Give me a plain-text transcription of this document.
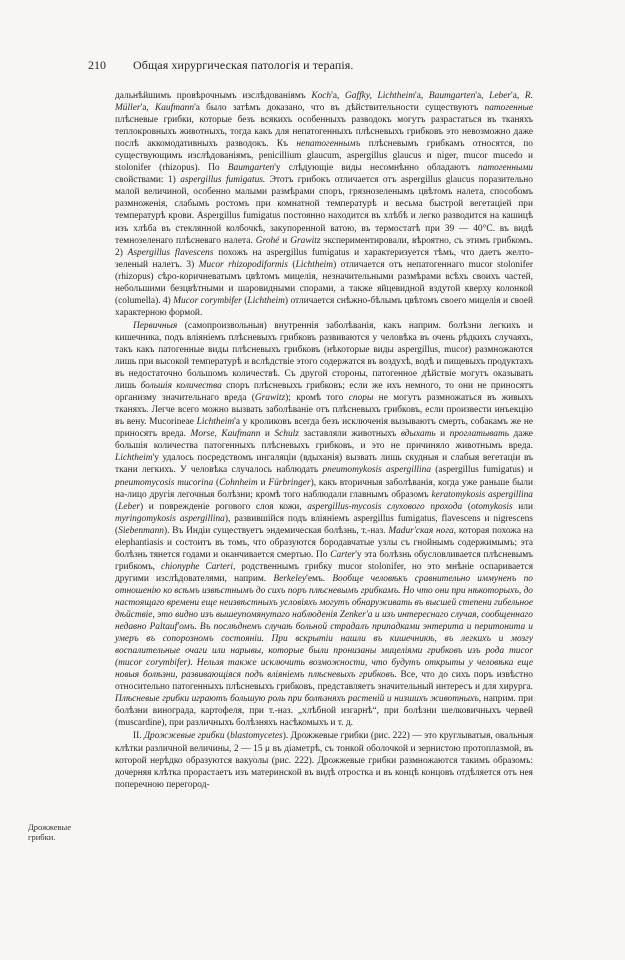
210 Общая хирургическая патологія и терапія.

дальнѣйшимъ провѣрочнымъ изслѣдованіямъ Koch'а, Gaffky, Lichtheim'а, Baumgarten'а, Leber'а, R. Müller'а, Kaufmann'а было затѣмъ доказано, что въ дѣйствительности существуютъ патогенные плѣсневые грибки, которые безъ всякихъ особенныхъ разводокъ могутъ разрастаться въ тканяхъ теплокровныхъ животныхъ, тогда какъ для непатогенныхъ плѣсневыхъ грибковъ это невозможно даже послѣ аккомодативныхъ разводокъ. Къ непатогеннымъ плѣсневымъ грибкамъ относятся, по существующимъ изслѣдованіямъ, penicillium glaucum, aspergillus glaucus и niger, mucor mucedo и stolonifer (rhizopus). По Baumgarten'у слѣдующіе виды несомнѣнно обладаютъ патогенными свойствами: 1) aspergillus fumigatus. Этотъ грибокъ отличается отъ aspergillus glaucus поразительно малой величиной, особенно малыми размѣрами споръ, грязнозеленымъ цвѣтомъ налета, способомъ размноженія, слабымъ ростомъ при комнатной температурѣ и весьма быстрой вегетаціей при температурѣ крови. Aspergillus fumigatus постоянно находится въ хлѣбѣ и легко разводится на кашицѣ изъ хлѣба въ стеклянной колбочкѣ, закупоренной ватою, въ термостатѣ при 39 — 40°С. въ видѣ темнозеленаго плѣсневаго налета. Grohé и Grawitz экспериментировали, вѣроятно, съ этимъ грибкомъ. 2) Aspergillus flavescens похожъ на aspergillus fumigatus и характеризуется тѣмъ, что даетъ желто-зеленый налетъ. 3) Mucor rhizopodiformis (Lichtheim) отличается отъ непатогеннаго mucor stolonifer (rhizopus) сѣро-коричневатымъ цвѣтомъ мицелія, незначительными размѣрами всѣхъ своихъ частей, небольшими безцвѣтными и шаровидными спорами, а также яйцевидной вздутой кверху колонкой (columella). 4) Mucor corymbifer (Lichtheim) отличается снѣжно-бѣлымъ цвѣтомъ своего мицелія и своей характерною формой.

Первичныя (самопроизвольныя) внутреннія заболѣванія, какъ наприм. болѣзни легкихъ и кишечника, подъ вліяніемъ плѣсневыхъ грибковъ развиваются у человѣка въ очень рѣдкихъ случаяхъ, такъ какъ патогенные виды плѣсневыхъ грибковъ (нѣкоторые виды aspergillus, mucor) размножаются лишь при высокой температурѣ и вслѣдствіе этого содержатся въ воздухѣ, водѣ и пищевыхъ продуктахъ въ недостаточно большомъ количествѣ. Съ другой стороны, патогенное дѣйствіе могутъ оказывать лишь большія количества споръ плѣсневыхъ грибковъ; если же ихъ немного, то они не приносятъ организму значительнаго вреда (Grawitz); кромѣ того споры не могутъ размножаться въ живыхъ тканяхъ. Легче всего можно вызвать заболѣваніе отъ плѣсневыхъ грибковъ, если произвести инъекцію въ вену. Mucorineae Lichtheim'а у кроликовъ всегда безъ исключенія вызываютъ смерть, собакамъ же не приносятъ вреда. Morse, Kaufmann и Schulz заставляли животныхъ вдыхать и проглатывать даже большія количества патогенныхъ плѣсневыхъ грибковъ, и это не причиняло животнымъ вреда. Lichtheim'у удалось посредствомъ ингаляціи (вдыханія) вызвать лишь скудныя и слабыя вегетаціи въ ткани легкихъ. У человѣка случалось наблюдать pneumomykosis aspergillina (aspergillus fumigatus) и pneumomycosis mucorina (Cohnheim и Fürbringer), какъ вторичныя заболѣванія, когда уже раньше были на-лицо другія легочныя болѣзни; кромѣ того наблюдали главнымъ образомъ keratomykosis aspergillina (Leber) и поврежденіе рогового слоя кожи, aspergillus-mycosis слухового прохода (otomykosis или myringomykosis aspergillina), развившійся подъ вліяніемъ aspergillus fumigatus, flavescens и nigrescens (Siebenmann). Въ Индіи существуетъ эндемическая болѣзнь, т.-наз. Madur'ская нога, которая похожа на elephantiasis и состоитъ въ томъ, что образуются бородавчатые узлы съ гнойнымъ содержимымъ; эта болѣзнь тянется годами и оканчивается смертью. По Carter'у эта болѣзнь обусловливается плѣсневымъ грибкомъ, chionyphe Carteri, родственнымъ грибку mucor stolonifer, но это мнѣніе оспаривается другими изслѣдователями, наприм. Berkeley'емъ. Вообще человѣкъ сравнительно иммуненъ по отношенію ко всѣмъ извѣстнымъ до сихъ поръ плѣсневымъ грибкамъ. Но что они при нѣкоторыхъ, до настоящаго времени еще неизвѣстныхъ условіяхъ могутъ обнаруживать въ высшей степени гибельное дѣйствіе, это видно изъ вышеупомянутаго наблюденія Zenker'а и изъ интереснаго случая, сообщеннаго недавно Paltauf'омъ. Въ послѣднемъ случаѣ больной страдалъ припадками энтерита и перитонита и умеръ въ сопорозномъ состояніи. При вскрытіи нашли въ кишечникѣ, въ легкихъ и мозгу воспалительные очаги или нарывы, которые были пронизаны мицеліями грибковъ изъ рода mucor (mucor corymbifer). Нельзя также исключить возможности, что будутъ открыты у человѣка еще новыя болѣзни, развивающіяся подъ вліяніемъ плѣсневыхъ грибковъ. Все, что до сихъ поръ извѣстно относительно патогенныхъ плѣсневыхъ грибковъ, представляетъ значительный интересъ и для хирурга. Плѣсневые грибки играютъ большую роль при болѣзняхъ растеній и низшихъ животныхъ, наприм. при болѣзни винограда, картофеля, при т.-наз. „хлѣбной изгарнѣ“, при болѣзни шелковичныхъ червей (muscardine), при различныхъ болѣзняхъ насѣкомыхъ и т. д.

II. Дрожжевые грибки (blastomycetes). Дрожжевые грибки (рис. 222) — это круглыватыя, овальныя клѣтки различной величины, 2 — 15 μ въ діаметрѣ, съ тонкой оболочкой и зернистою протоплазмой, въ которой нерѣдко образуются вакуолы (рис. 222). Дрожжевые грибки размножаются такимъ образомъ: дочерняя клѣтка прорастаетъ изъ материнской въ видѣ отростка и въ концѣ концовъ отдѣляется отъ нея поперечною перегород-

Дрожжевые
грибки.
